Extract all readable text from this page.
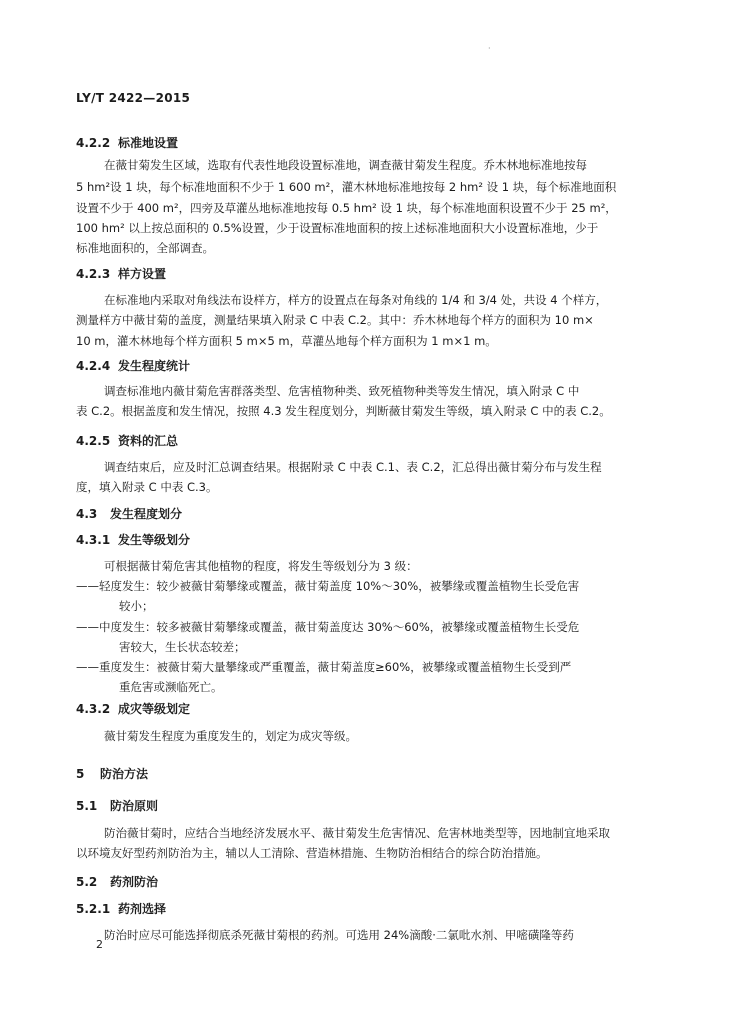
·
LY/T 2422—2015
4.2.2 标准地设置
在薇甘菊发生区域，选取有代表性地段设置标准地，调查薇甘菊发生程度。乔木林地标准地按每
5 hm²设 1 块，每个标准地面积不少于 1 600 m²，灌木林地标准地按每 2 hm² 设 1 块，每个标准地面积
设置不少于 400 m²，四旁及草灌丛地标准地按每 0.5 hm² 设 1 块，每个标准地面积设置不少于 25 m²，
100 hm² 以上按总面积的 0.5%设置，少于设置标准地面积的按上述标准地面积大小设置标准地，少于
标准地面积的，全部调查。
4.2.3 样方设置
在标准地内采取对角线法布设样方，样方的设置点在每条对角线的 1/4 和 3/4 处，共设 4 个样方，
测量样方中薇甘菊的盖度，测量结果填入附录 C 中表 C.2。其中：乔木林地每个样方的面积为 10 m×
10 m，灌木林地每个样方面积 5 m×5 m，草灌丛地每个样方面积为 1 m×1 m。
4.2.4 发生程度统计
调查标准地内薇甘菊危害群落类型、危害植物种类、致死植物种类等发生情况，填入附录 C 中
表 C.2。根据盖度和发生情况，按照 4.3 发生程度划分，判断薇甘菊发生等级，填入附录 C 中的表 C.2。
4.2.5 资料的汇总
调查结束后，应及时汇总调查结果。根据附录 C 中表 C.1、表 C.2，汇总得出薇甘菊分布与发生程
度，填入附录 C 中表 C.3。
4.3 发生程度划分
4.3.1 发生等级划分
可根据薇甘菊危害其他植物的程度，将发生等级划分为 3 级：
——轻度发生：较少被薇甘菊攀缘或覆盖，薇甘菊盖度 10%～30%，被攀缘或覆盖植物生长受危害
较小；
——中度发生：较多被薇甘菊攀缘或覆盖，薇甘菊盖度达 30%～60%，被攀缘或覆盖植物生长受危
害较大，生长状态较差；
——重度发生：被薇甘菊大量攀缘或严重覆盖，薇甘菊盖度≥60%，被攀缘或覆盖植物生长受到严
重危害或濒临死亡。
4.3.2 成灾等级划定
薇甘菊发生程度为重度发生的，划定为成灾等级。
5 防治方法
5.1 防治原则
防治薇甘菊时，应结合当地经济发展水平、薇甘菊发生危害情况、危害林地类型等，因地制宜地采取
以环境友好型药剂防治为主，辅以人工清除、营造林措施、生物防治相结合的综合防治措施。
5.2 药剂防治
5.2.1 药剂选择
防治时应尽可能选择彻底杀死薇甘菊根的药剂。可选用 24%滴酸·二氯吡水剂、甲嘧磺隆等药
2
